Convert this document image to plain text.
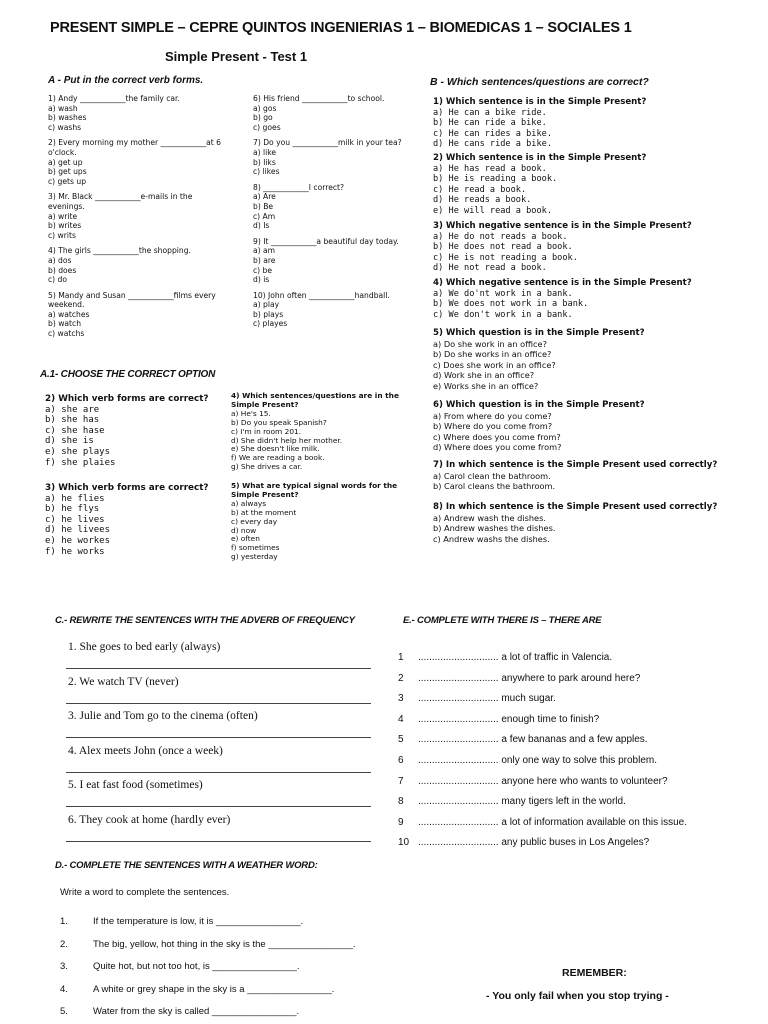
PRESENT SIMPLE – CEPRE QUINTOS INGENIERIAS 1 – BIOMEDICAS 1 – SOCIALES 1
Simple Present - Test 1
A - Put in the correct verb forms.
1) Andy ____________the family car.
a) wash
b) washes
c) washs
2) Every morning my mother ____________at 6
o'clock.
a) get up
b) get ups
c) gets up
3) Mr. Black ____________e-mails in the
evenings.
a) write
b) writes
c) writs
4) The girls ____________the shopping.
a) dos
b) does
c) do
5) Mandy and Susan ____________films every
weekend.
a) watches
b) watch
c) watchs
6) His friend ____________to school.
a) gos
b) go
c) goes
7) Do you ____________milk in your tea?
a) like
b) liks
c) likes
8) ____________I correct?
a) Are
b) Be
c) Am
d) Is
9) It ____________a beautiful day today.
a) am
b) are
c) be
d) is
10) John often ____________handball.
a) play
b) plays
c) playes
A.1- CHOOSE THE CORRECT OPTION
2) Which verb forms are correct?
a) she are
b) she has
c) she hase
d) she is
e) she plays
f) she plaies
3) Which verb forms are correct?
a) he flies
b) he flys
c) he lives
d) he livees
e) he workes
f) he works
4) Which sentences/questions are in the
Simple Present?
a) He's 15.
b) Do you speak Spanish?
c) I'm in room 201.
d) She didn't help her mother.
e) She doesn't like milk.
f) We are reading a book.
g) She drives a car.
5) What are typical signal words for the
Simple Present?
a) always
b) at the moment
c) every day
d) now
e) often
f) sometimes
g) yesterday
B - Which sentences/questions are correct?
1) Which sentence is in the Simple Present?
a) He can a bike ride.
b) He can ride a bike.
c) He can rides a bike.
d) He cans ride a bike.
2) Which sentence is in the Simple Present?
a) He has read a book.
b) He is reading a book.
c) He read a book.
d) He reads a book.
e) He will read a book.
3) Which negative sentence is in the Simple Present?
a) He do not reads a book.
b) He does not read a book.
c) He is not reading a book.
d) He not read a book.
4) Which negative sentence is in the Simple Present?
a) We do'nt work in a bank.
b) We does not work in a bank.
c) We don't work in a bank.
5) Which question is in the Simple Present?
a) Do she work in an office?
b) Do she works in an office?
c) Does she work in an office?
d) Work she in an office?
e) Works she in an office?
6) Which question is in the Simple Present?
a) From where do you come?
b) Where do you come from?
c) Where does you come from?
d) Where does you come from?
7) In which sentence is the Simple Present used correctly?
a) Carol clean the bathroom.
b) Carol cleans the bathroom.
8) In which sentence is the Simple Present used correctly?
a) Andrew wash the dishes.
b) Andrew washes the dishes.
c) Andrew washs the dishes.
C.- REWRITE THE SENTENCES WITH THE ADVERB OF FREQUENCY
1. She goes to bed early (always)
2. We watch TV (never)
3. Julie and Tom go to the cinema (often)
4. Alex meets John (once a week)
5. I eat fast food (sometimes)
6. They cook at home (hardly ever)
D.- COMPLETE THE SENTENCES WITH A WEATHER WORD:
Write a word to complete the sentences.
1.	If the temperature is low, it is ________________.
2.	The big, yellow, hot thing in the sky is the ________________.
3.	Quite hot, but not too hot, is ________________.
4.	A white or grey shape in the sky is a ________________.
5.	Water from the sky is called ________________.
E.- COMPLETE WITH THERE IS – THERE ARE
1 ............................. a lot of traffic in Valencia.
2 ............................. anywhere to park around here?
3 ............................. much sugar.
4 ............................. enough time to finish?
5 ............................. a few bananas and a few apples.
6 ............................. only one way to solve this problem.
7 ............................. anyone here who wants to volunteer?
8 ............................. many tigers left in the world.
9 ............................. a lot of information available on this issue.
10 ............................. any public buses in Los Angeles?
REMEMBER:
- You only fail when you stop trying -
